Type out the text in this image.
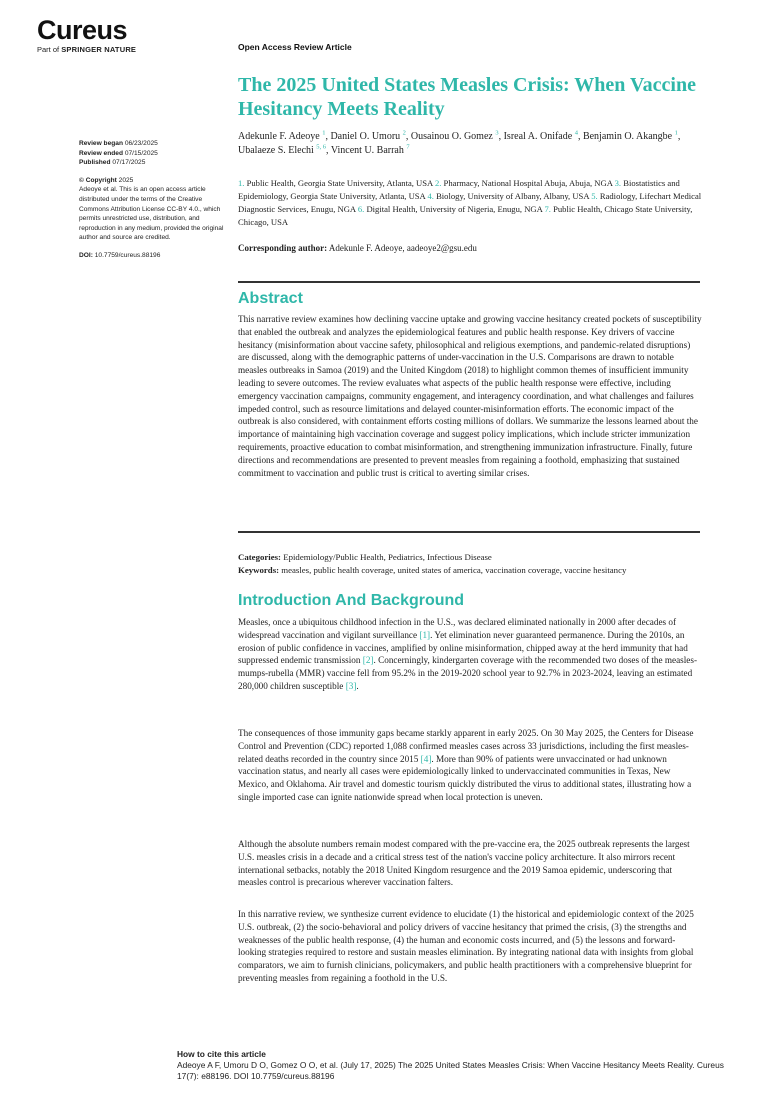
Cureus
Part of SPRINGER NATURE	Open Access Review Article
The 2025 United States Measles Crisis: When Vaccine Hesitancy Meets Reality
Adekunle F. Adeoye $^1$, Daniel O. Umoru $^2$, Ousainou O. Gomez $^3$, Isreal A. Onifade $^4$, Benjamin O. Akangbe $^1$, Ubalaeze S. Elechi $^{5, 6}$, Vincent U. Barrah $^7$
1. Public Health, Georgia State University, Atlanta, USA 2. Pharmacy, National Hospital Abuja, Abuja, NGA 3. Biostatistics and Epidemiology, Georgia State University, Atlanta, USA 4. Biology, University of Albany, Albany, USA 5. Radiology, Lifechart Medical Diagnostic Services, Enugu, NGA 6. Digital Health, University of Nigeria, Enugu, NGA 7. Public Health, Chicago State University, Chicago, USA
Corresponding author: Adekunle F. Adeoye, aadeoye2@gsu.edu
Review began 06/23/2025
Review ended 07/15/2025
Published 07/17/2025
© Copyright 2025
Adeoye et al. This is an open access article distributed under the terms of the Creative Commons Attribution License CC-BY 4.0., which permits unrestricted use, distribution, and reproduction in any medium, provided the original author and source are credited.
DOI: 10.7759/cureus.88196
Abstract

This narrative review examines how declining vaccine uptake and growing vaccine hesitancy created pockets of susceptibility that enabled the outbreak and analyzes the epidemiological features and public health response. Key drivers of vaccine hesitancy (misinformation about vaccine safety, philosophical and religious exemptions, and pandemic-related disruptions) are discussed, along with the demographic patterns of under-vaccination in the U.S. Comparisons are drawn to notable measles outbreaks in Samoa (2019) and the United Kingdom (2018) to highlight common themes of insufficient immunity leading to severe outcomes. The review evaluates what aspects of the public health response were effective, including emergency vaccination campaigns, community engagement, and interagency coordination, and what challenges and failures impeded control, such as resource limitations and delayed counter-misinformation efforts. The economic impact of the outbreak is also considered, with containment efforts costing millions of dollars. We summarize the lessons learned about the importance of maintaining high vaccination coverage and suggest policy implications, which include stricter immunization requirements, proactive education to combat misinformation, and strengthening immunization infrastructure. Finally, future directions and recommendations are presented to prevent measles from regaining a foothold, emphasizing that sustained commitment to vaccination and public trust is critical to averting similar crises.

Categories: Epidemiology/Public Health, Pediatrics, Infectious Disease
Keywords: measles, public health coverage, united states of america, vaccination coverage, vaccine hesitancy
Introduction And Background

Measles, once a ubiquitous childhood infection in the U.S., was declared eliminated nationally in 2000 after decades of widespread vaccination and vigilant surveillance [1]. Yet elimination never guaranteed permanence. During the 2010s, an erosion of public confidence in vaccines, amplified by online misinformation, chipped away at the herd immunity that had suppressed endemic transmission [2]. Concerningly, kindergarten coverage with the recommended two doses of the measles-mumps-rubella (MMR) vaccine fell from 95.2% in the 2019-2020 school year to 92.7% in 2023-2024, leaving an estimated 280,000 children susceptible [3].

The consequences of those immunity gaps became starkly apparent in early 2025. On 30 May 2025, the Centers for Disease Control and Prevention (CDC) reported 1,088 confirmed measles cases across 33 jurisdictions, including the first measles-related deaths recorded in the country since 2015 [4]. More than 90% of patients were unvaccinated or had unknown vaccination status, and nearly all cases were epidemiologically linked to undervaccinated communities in Texas, New Mexico, and Oklahoma. Air travel and domestic tourism quickly distributed the virus to additional states, illustrating how a single imported case can ignite nationwide spread when local protection is uneven.

Although the absolute numbers remain modest compared with the pre-vaccine era, the 2025 outbreak represents the largest U.S. measles crisis in a decade and a critical stress test of the nation's vaccine policy architecture. It also mirrors recent international setbacks, notably the 2018 United Kingdom resurgence and the 2019 Samoa epidemic, underscoring that measles control is precarious wherever vaccination falters.

In this narrative review, we synthesize current evidence to elucidate (1) the historical and epidemiologic context of the 2025 U.S. outbreak, (2) the socio-behavioral and policy drivers of vaccine hesitancy that primed the crisis, (3) the strengths and weaknesses of the public health response, (4) the human and economic costs incurred, and (5) the lessons and forward-looking strategies required to restore and sustain measles elimination. By integrating national data with insights from global comparators, we aim to furnish clinicians, policymakers, and public health practitioners with a comprehensive blueprint for preventing measles from regaining a foothold in the U.S.

How to cite this article
Adeoye A F, Umoru D O, Gomez O O, et al. (July 17, 2025) The 2025 United States Measles Crisis: When Vaccine Hesitancy Meets Reality. Cureus 17(7): e88196. DOI 10.7759/cureus.88196
